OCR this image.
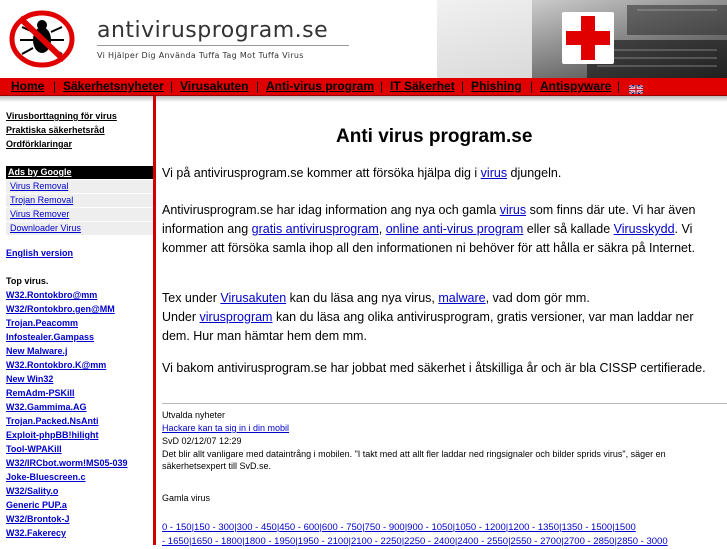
antivirusprogram.se
Vi Hjälper Dig Använda Tuffa Tag Mot Tuffa Virus
Home | Säkerhetsnyheter | Virusakuten | Anti-virus program | IT Säkerhet | Phishing | Antispyware |
Virusborttagning för virus
Praktiska säkerhetsråd
Ordförklaringar
Ads by Google
Virus Removal
Trojan Removal
Virus Remover
Downloader Virus
English version
Top virus.
W32.Rontokbro@mm
W32/Rontokbro.gen@MM
Trojan.Peacomm
Infostealer.Gampass
New Malware.j
W32.Rontokbro.K@mm
New Win32
RemAdm-PSKill
W32.Gammima.AG
Trojan.Packed.NsAnti
Exploit-phpBB!hilight
Tool-WPAKill
W32/IRCbot.worm!MS05-039
Joke-Bluescreen.c
W32/Sality.o
Generic PUP.a
W32/Brontok-J
W32.Fakerecy
Anti virus program.se
Vi på antivirusprogram.se kommer att försöka hjälpa dig i virus djungeln.
Antivirusprogram.se har idag information ang nya och gamla virus som finns där ute. Vi har även information ang gratis antivirusprogram, online anti-virus program eller så kallade Virusskydd. Vi kommer att försöka samla ihop all den informationen ni behöver för att hålla er säkra på Internet.
Tex under Virusakuten kan du läsa ang nya virus, malware, vad dom gör mm.
Under virusprogram kan du läsa ang olika antivirusprogram, gratis versioner, var man laddar ner dem. Hur man hämtar hem dem mm.
Vi bakom antivirusprogram.se har jobbat med säkerhet i åtskilliga år och är bla CISSP certifierade.
Utvalda nyheter
Hackare kan ta sig in i din mobil
SvD 02/12/07 12:29
Det blir allt vanligare med dataintrång i mobilen. "I takt med att allt fler laddar ned ringsignaler och bilder sprids virus", säger en säkerhetsexpert till SvD.se.
Gamla virus
0 - 150|150 - 300|300 - 450|450 - 600|600 - 750|750 - 900|900 - 1050|1050 - 1200|1200 - 1350|1350 - 1500|1500
- 1650|1650 - 1800|1800 - 1950|1950 - 2100|2100 - 2250|2250 - 2400|2400 - 2550|2550 - 2700|2700 - 2850|2850 - 3000
